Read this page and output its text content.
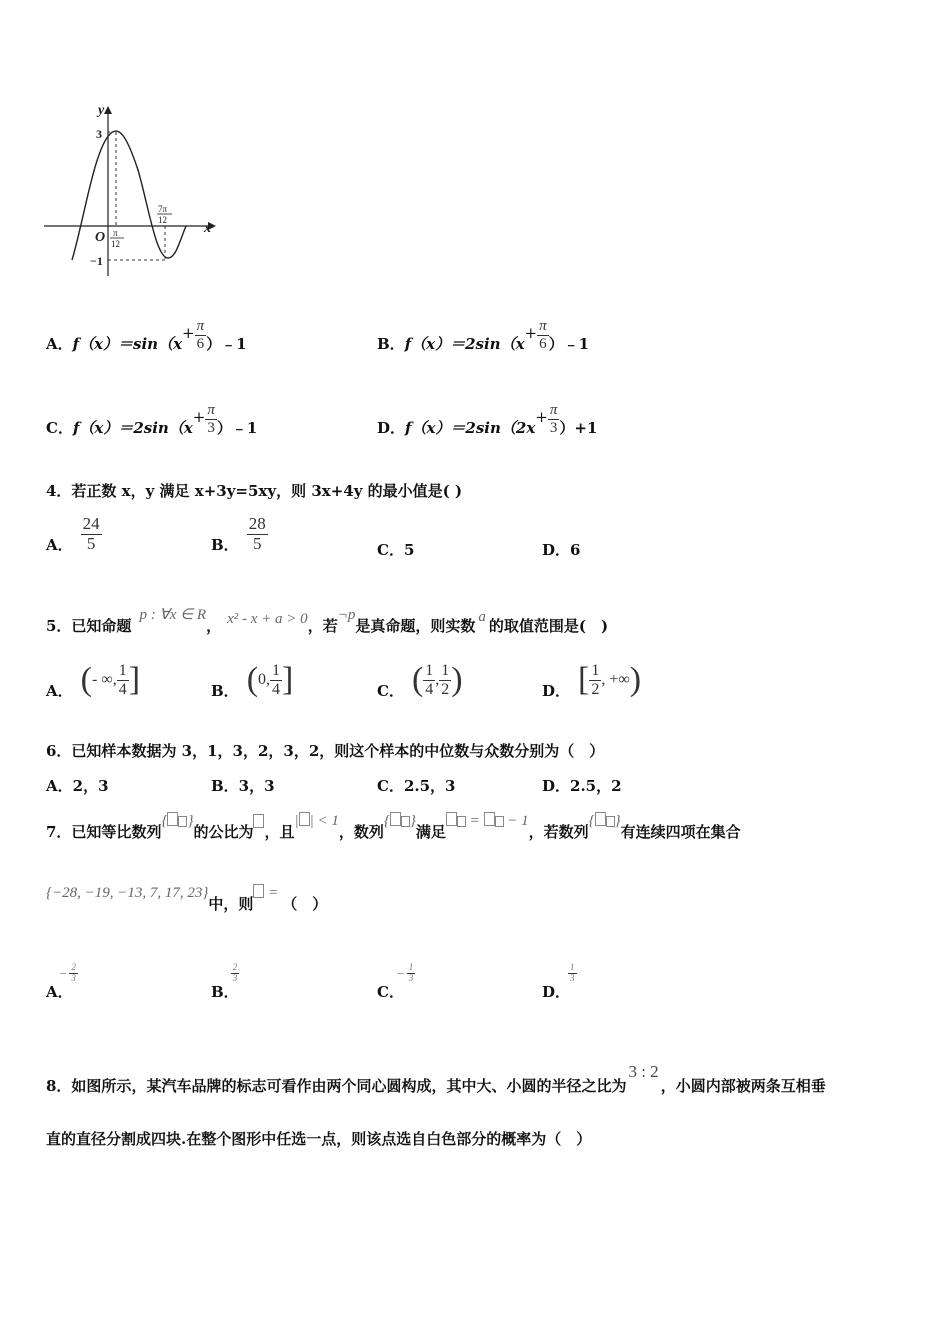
y
x
O
3
−1
π
12
7π
12
A． f（x）＝sin（x
+ $\frac{\pi}{6}$ ）﹣1	B． f（x）＝2sin（x
+ $\frac{\pi}{6}$ ）﹣1
C． f（x）＝2sin（x
+ $\frac{\pi}{3}$ ）﹣1	D． f（x）＝2sin（2x
+ $\frac{\pi}{3} )+1$
4．若正数 x，y 满足 x+3y=5xy，则 3x+4y 的最小值是( )
A． $\frac{24}{5}$	B． $\frac{28}{5}$	C．5	D．6
5．已知命题
p : ∀x ∈ R
， x² - x + a > 0 ，若
¬p
是真命题，则实数 a 的取值范围是(　)
A． ( - ∞, $\frac{1}{4}$ ]	B． ( 0, $\frac{1}{4}$ ]	C． ( $\frac{1}{4}$ , $\frac{1}{2}$ )	D． [ $\frac{1}{2}$ , +∞ )
6．已知样本数据为 3，1，3，2，3，2，则这个样本的中位数与众数分别为（　）
A．2，3	B．3，3	C．2.5，3	D．2.5，2
7．已知等比数列
{ }
的公比为 ，且
| | < 1
，数列
{ }
满足
=  − 1
，若数列
{ }
有连续四项在集合
{−28, −19, −13, 7, 17, 23}
中，则
=
（　）
A．
− $\frac{2}{3}$
B．
$\frac{2}{3}$
C．
− $\frac{1}{3}$
D．
$\frac{1}{3}$
8．如图所示，某汽车品牌的标志可看作由两个同心圆构成，其中大、小圆的半径之比为
3 : 2
，小圆内部被两条互相垂
直的直径分割成四块.在整个图形中任选一点，则该点选自白色部分的概率为（　）
